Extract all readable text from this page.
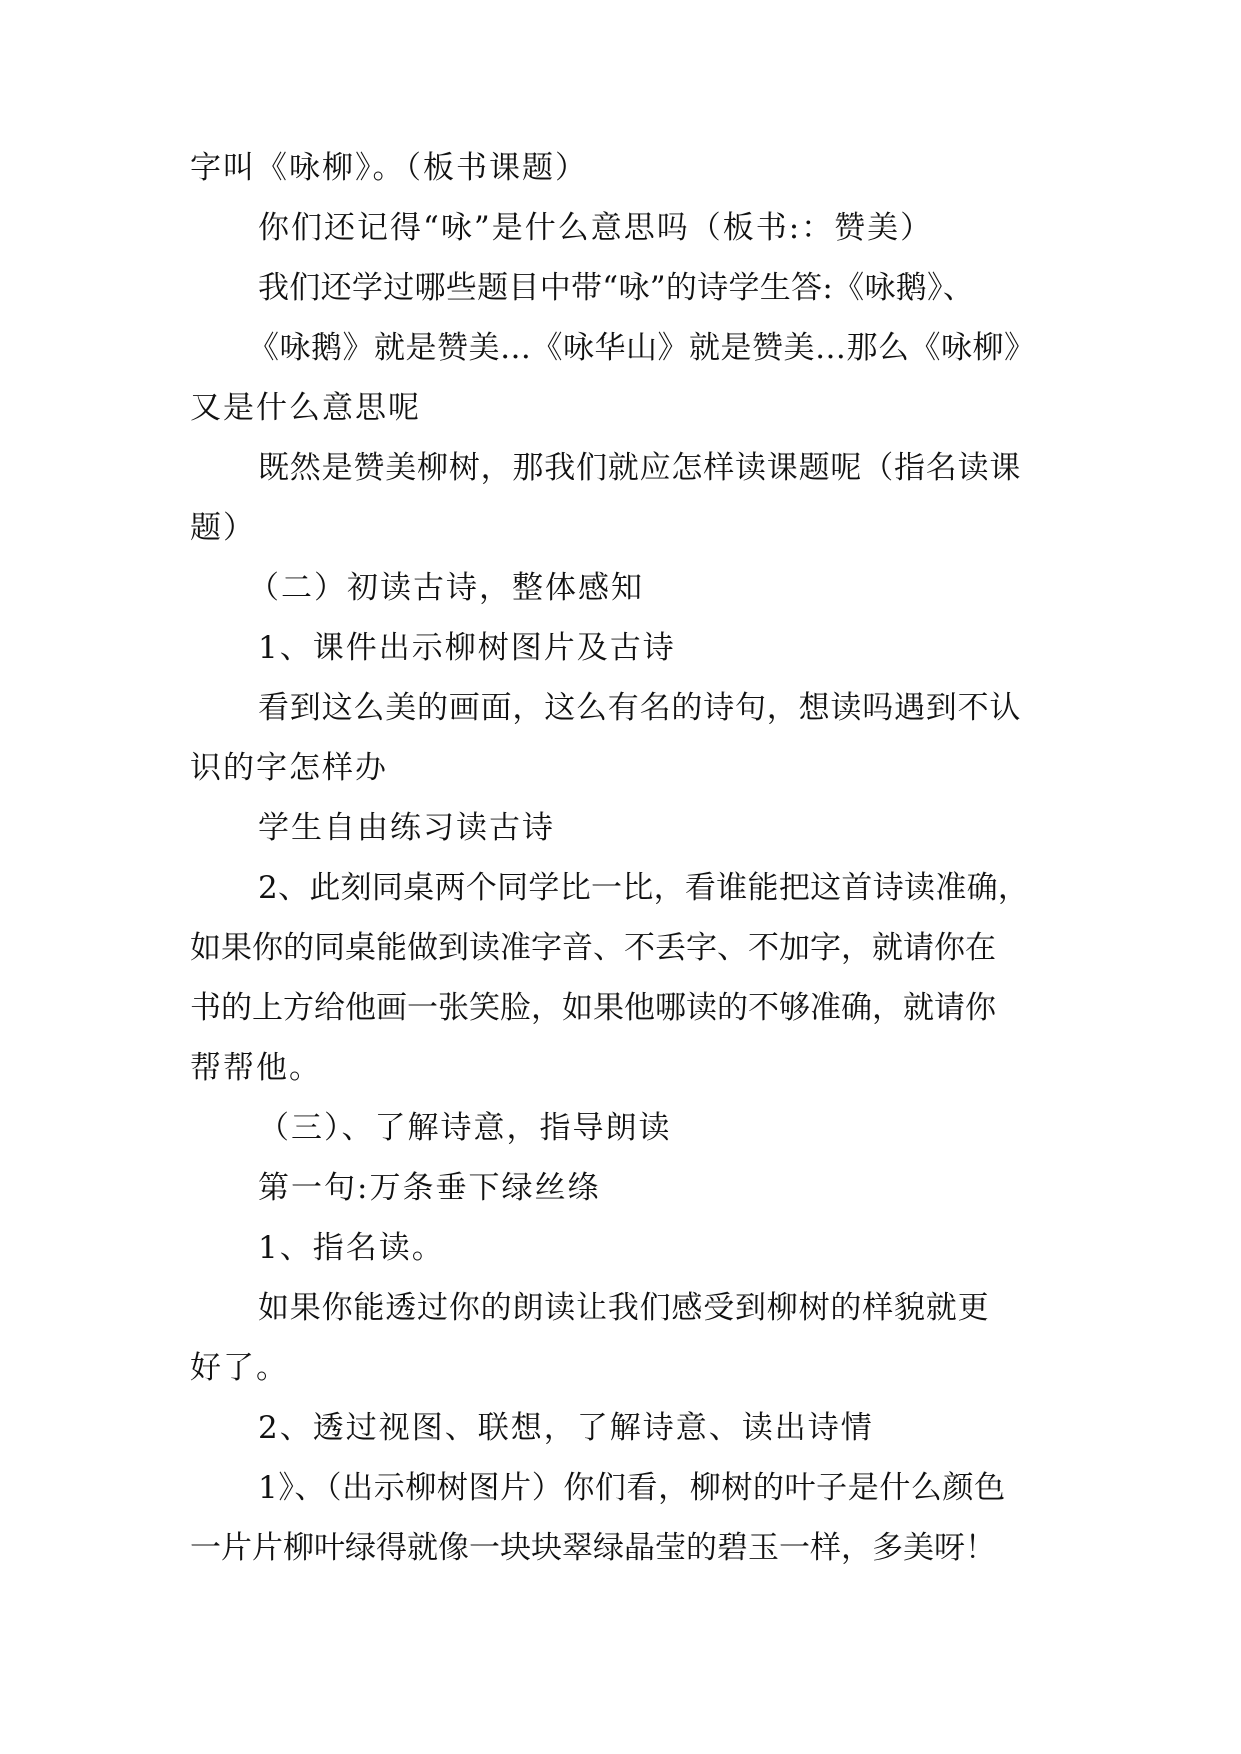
字叫《咏柳》。（板书课题）
你们还记得“咏”是什么意思吗（板书:：赞美）
我们还学过哪些题目中带“咏”的诗学生答:《咏鹅》、
《咏鹅》就是赞美…《咏华山》就是赞美…那么《咏柳》
又是什么意思呢
既然是赞美柳树，那我们就应怎样读课题呢（指名读课
题）
（二）初读古诗，整体感知
1、课件出示柳树图片及古诗
看到这么美的画面，这么有名的诗句，想读吗遇到不认
识的字怎样办
学生自由练习读古诗
2、此刻同桌两个同学比一比，看谁能把这首诗读准确，
如果你的同桌能做到读准字音、不丢字、不加字，就请你在
书的上方给他画一张笑脸，如果他哪读的不够准确，就请你
帮帮他。
（三）、了解诗意，指导朗读
第一句:万条垂下绿丝绦
1、指名读。
如果你能透过你的朗读让我们感受到柳树的样貌就更
好了。
2、透过视图、联想，了解诗意、读出诗情
1》、（出示柳树图片）你们看，柳树的叶子是什么颜色
一片片柳叶绿得就像一块块翠绿晶莹的碧玉一样，多美呀！
